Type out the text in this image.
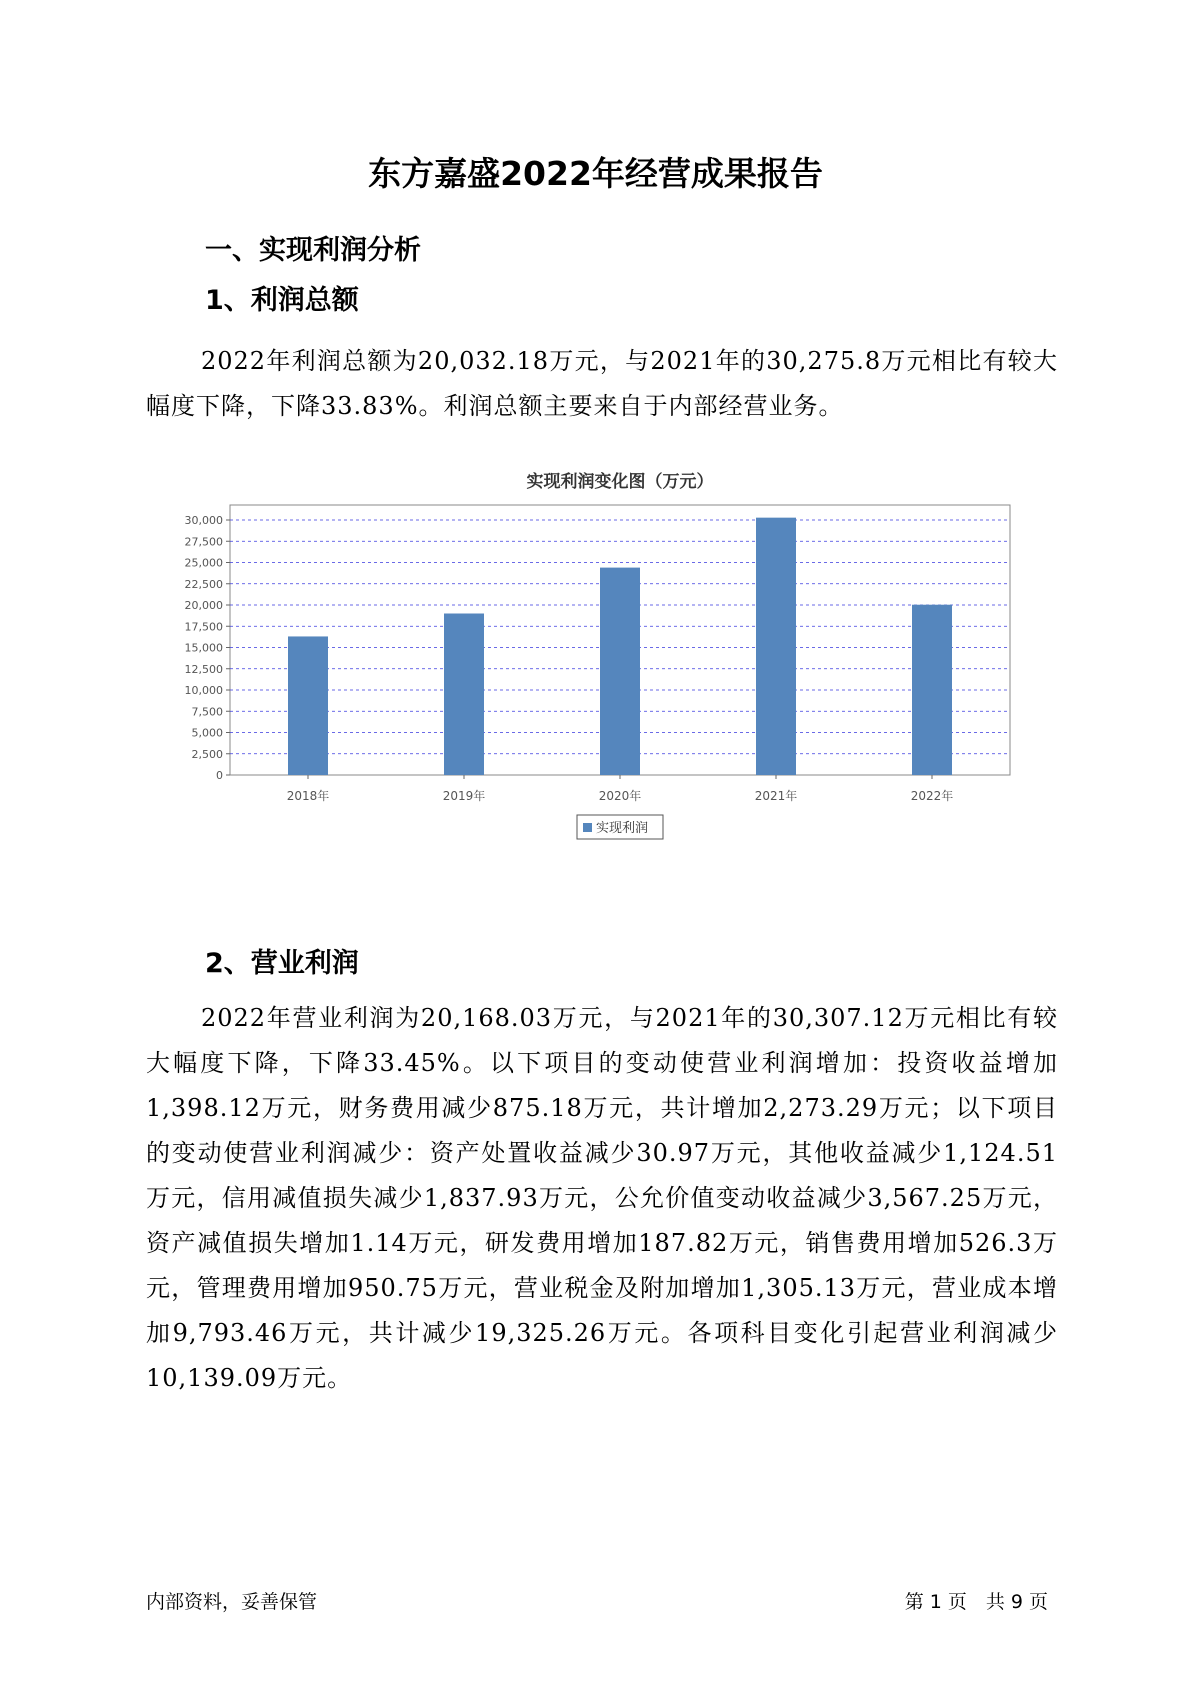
东方嘉盛2022年经营成果报告
一、实现利润分析
1、利润总额

2022年利润总额为20,032.18万元，与2021年的30,275.8万元相比有较大幅度下降，下降33.83%。利润总额主要来自于内部经营业务。

实现利润变化图（万元）
0
2,500
5,000
7,500
10,000
12,500
15,000
17,500
20,000
22,500
25,000
27,500
30,000
2018年	2019年	2020年	2021年	2022年
实现利润
2、营业利润

2022年营业利润为20,168.03万元，与2021年的30,307.12万元相比有较大幅度下降，下降33.45%。以下项目的变动使营业利润增加：投资收益增加1,398.12万元，财务费用减少875.18万元，共计增加2,273.29万元；以下项目的变动使营业利润减少：资产处置收益减少30.97万元，其他收益减少1,124.51万元，信用减值损失减少1,837.93万元，公允价值变动收益减少3,567.25万元，资产减值损失增加1.14万元，研发费用增加187.82万元，销售费用增加526.3万元，管理费用增加950.75万元，营业税金及附加增加1,305.13万元，营业成本增加9,793.46万元，共计减少19,325.26万元。各项科目变化引起营业利润减少10,139.09万元。

内部资料，妥善保管	第 1 页　共 9 页
